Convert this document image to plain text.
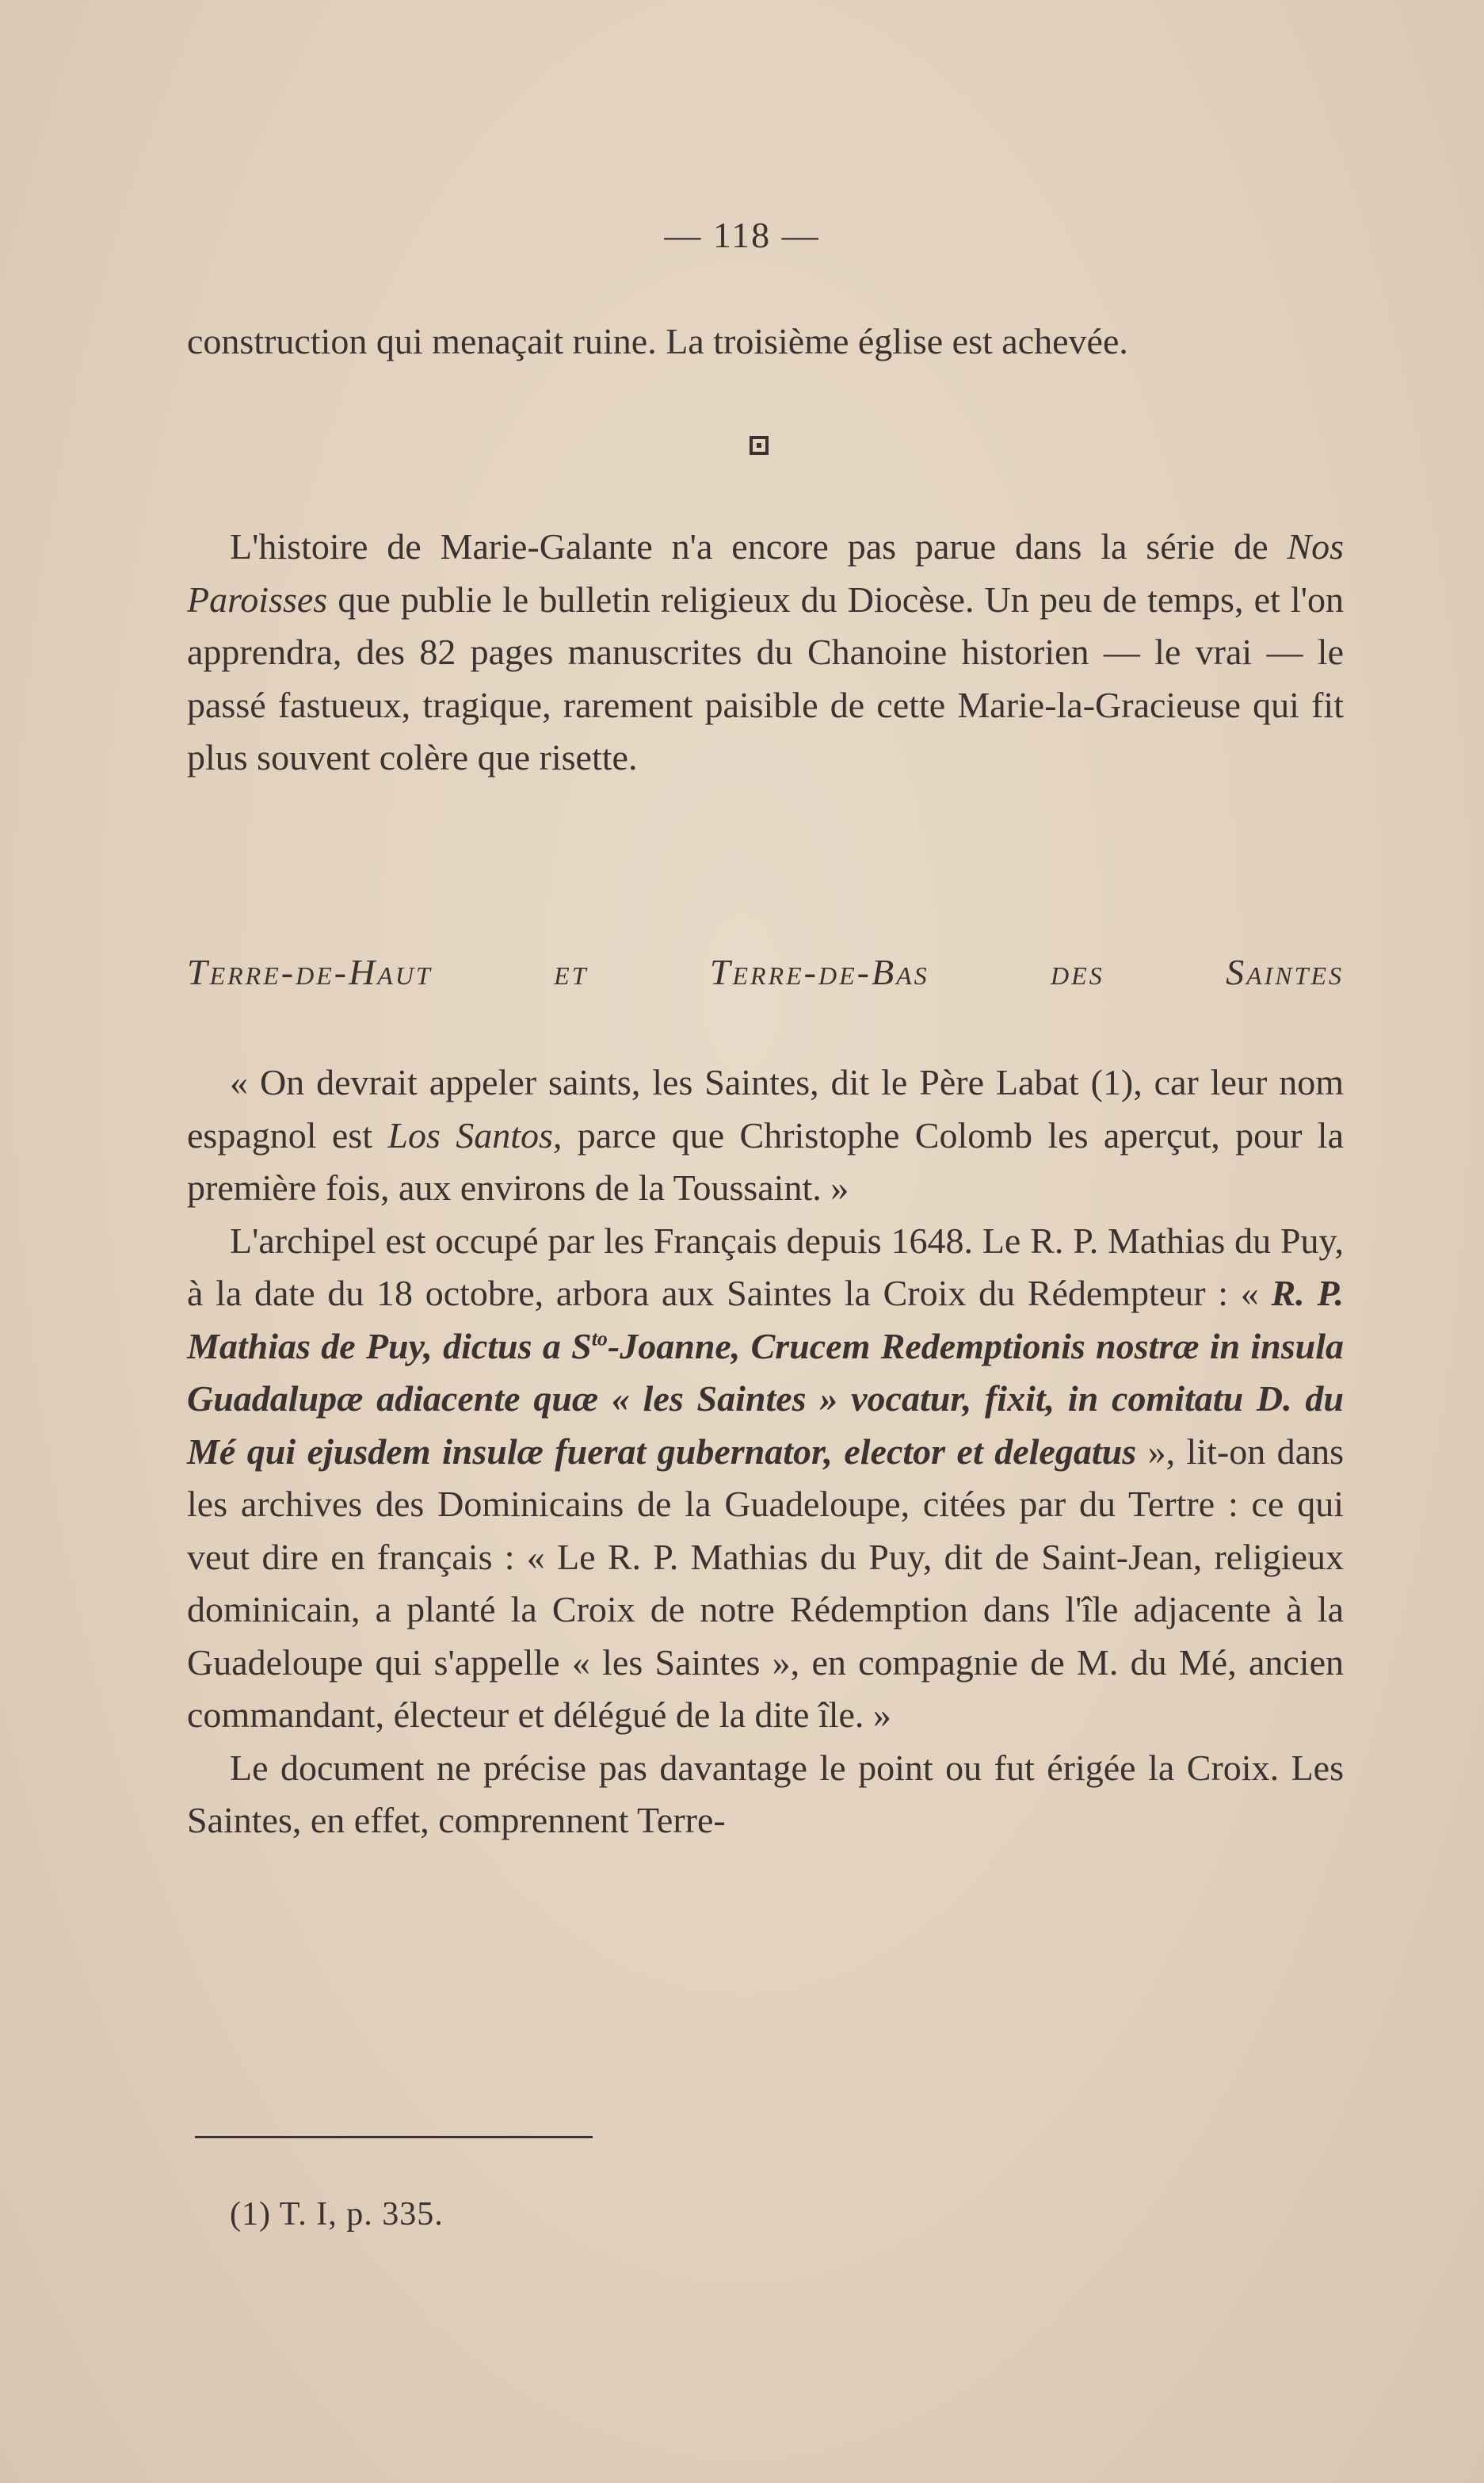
— 118 —

construction qui menaçait ruine. La troisième église est achevée.

L'histoire de Marie-Galante n'a encore pas parue dans la série de Nos Paroisses que publie le bulletin religieux du Diocèse. Un peu de temps, et l'on apprendra, des 82 pages manuscrites du Chanoine historien — le vrai — le passé fastueux, tragique, rarement paisible de cette Marie-la-Gracieuse qui fit plus souvent colère que risette.

Terre-de-Haut et Terre-de-Bas des Saintes

« On devrait appeler saints, les Saintes, dit le Père Labat (1), car leur nom espagnol est Los Santos, parce que Christophe Colomb les aperçut, pour la première fois, aux environs de la Toussaint. »

L'archipel est occupé par les Français depuis 1648. Le R. P. Mathias du Puy, à la date du 18 octobre, arbora aux Saintes la Croix du Rédempteur : « R. P. Mathias de Puy, dictus a $S^{to}$-Joanne, Crucem Redemptionis nostræ in insula Guadalupæ adiacente quæ « les Saintes » vocatur, fixit, in comitatu D. du Mé qui ejusdem insulæ fuerat gubernator, elector et delegatus », lit-on dans les archives des Dominicains de la Guadeloupe, citées par du Tertre : ce qui veut dire en français : « Le R. P. Mathias du Puy, dit de Saint-Jean, religieux dominicain, a planté la Croix de notre Rédemption dans l'île adjacente à la Guadeloupe qui s'appelle « les Saintes », en compagnie de M. du Mé, ancien commandant, électeur et délégué de la dite île. »

Le document ne précise pas davantage le point ou fut érigée la Croix. Les Saintes, en effet, comprennent Terre-

(1) T. I, p. 335.
